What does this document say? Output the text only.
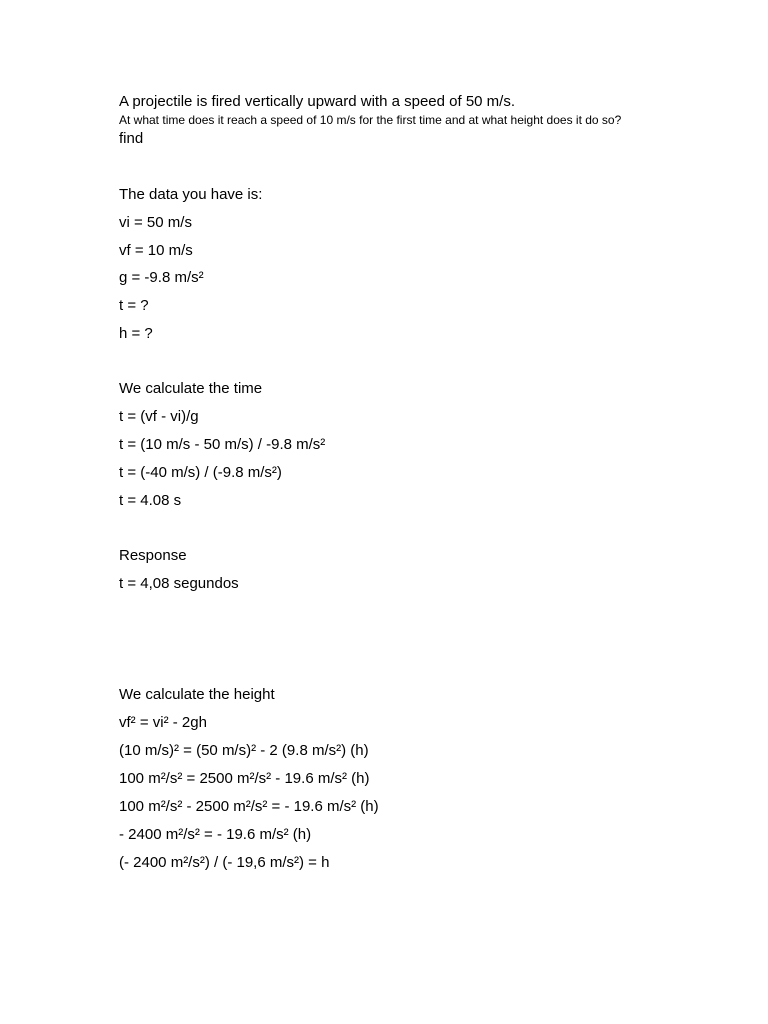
A projectile is fired vertically upward with a speed of 50 m/s.
At what time does it reach a speed of 10 m/s for the first time and at what height does it do so?
find
The data you have is:
vi = 50 m/s
vf = 10 m/s
g = -9.8 m/s²
t = ?
h = ?
We calculate the time
t = (vf - vi)/g
t = (10 m/s - 50 m/s) / -9.8 m/s²
t = (-40 m/s) / (-9.8 m/s²)
t = 4.08 s
Response
t = 4,08 segundos
We calculate the height
vf² = vi² - 2gh
(10 m/s)² = (50 m/s)² - 2 (9.8 m/s²) (h)
100 m²/s² = 2500 m²/s² - 19.6 m/s² (h)
100 m²/s² - 2500 m²/s² = - 19.6 m/s² (h)
- 2400 m²/s² = - 19.6 m/s² (h)
(- 2400 m²/s²) / (- 19,6 m/s²) = h
